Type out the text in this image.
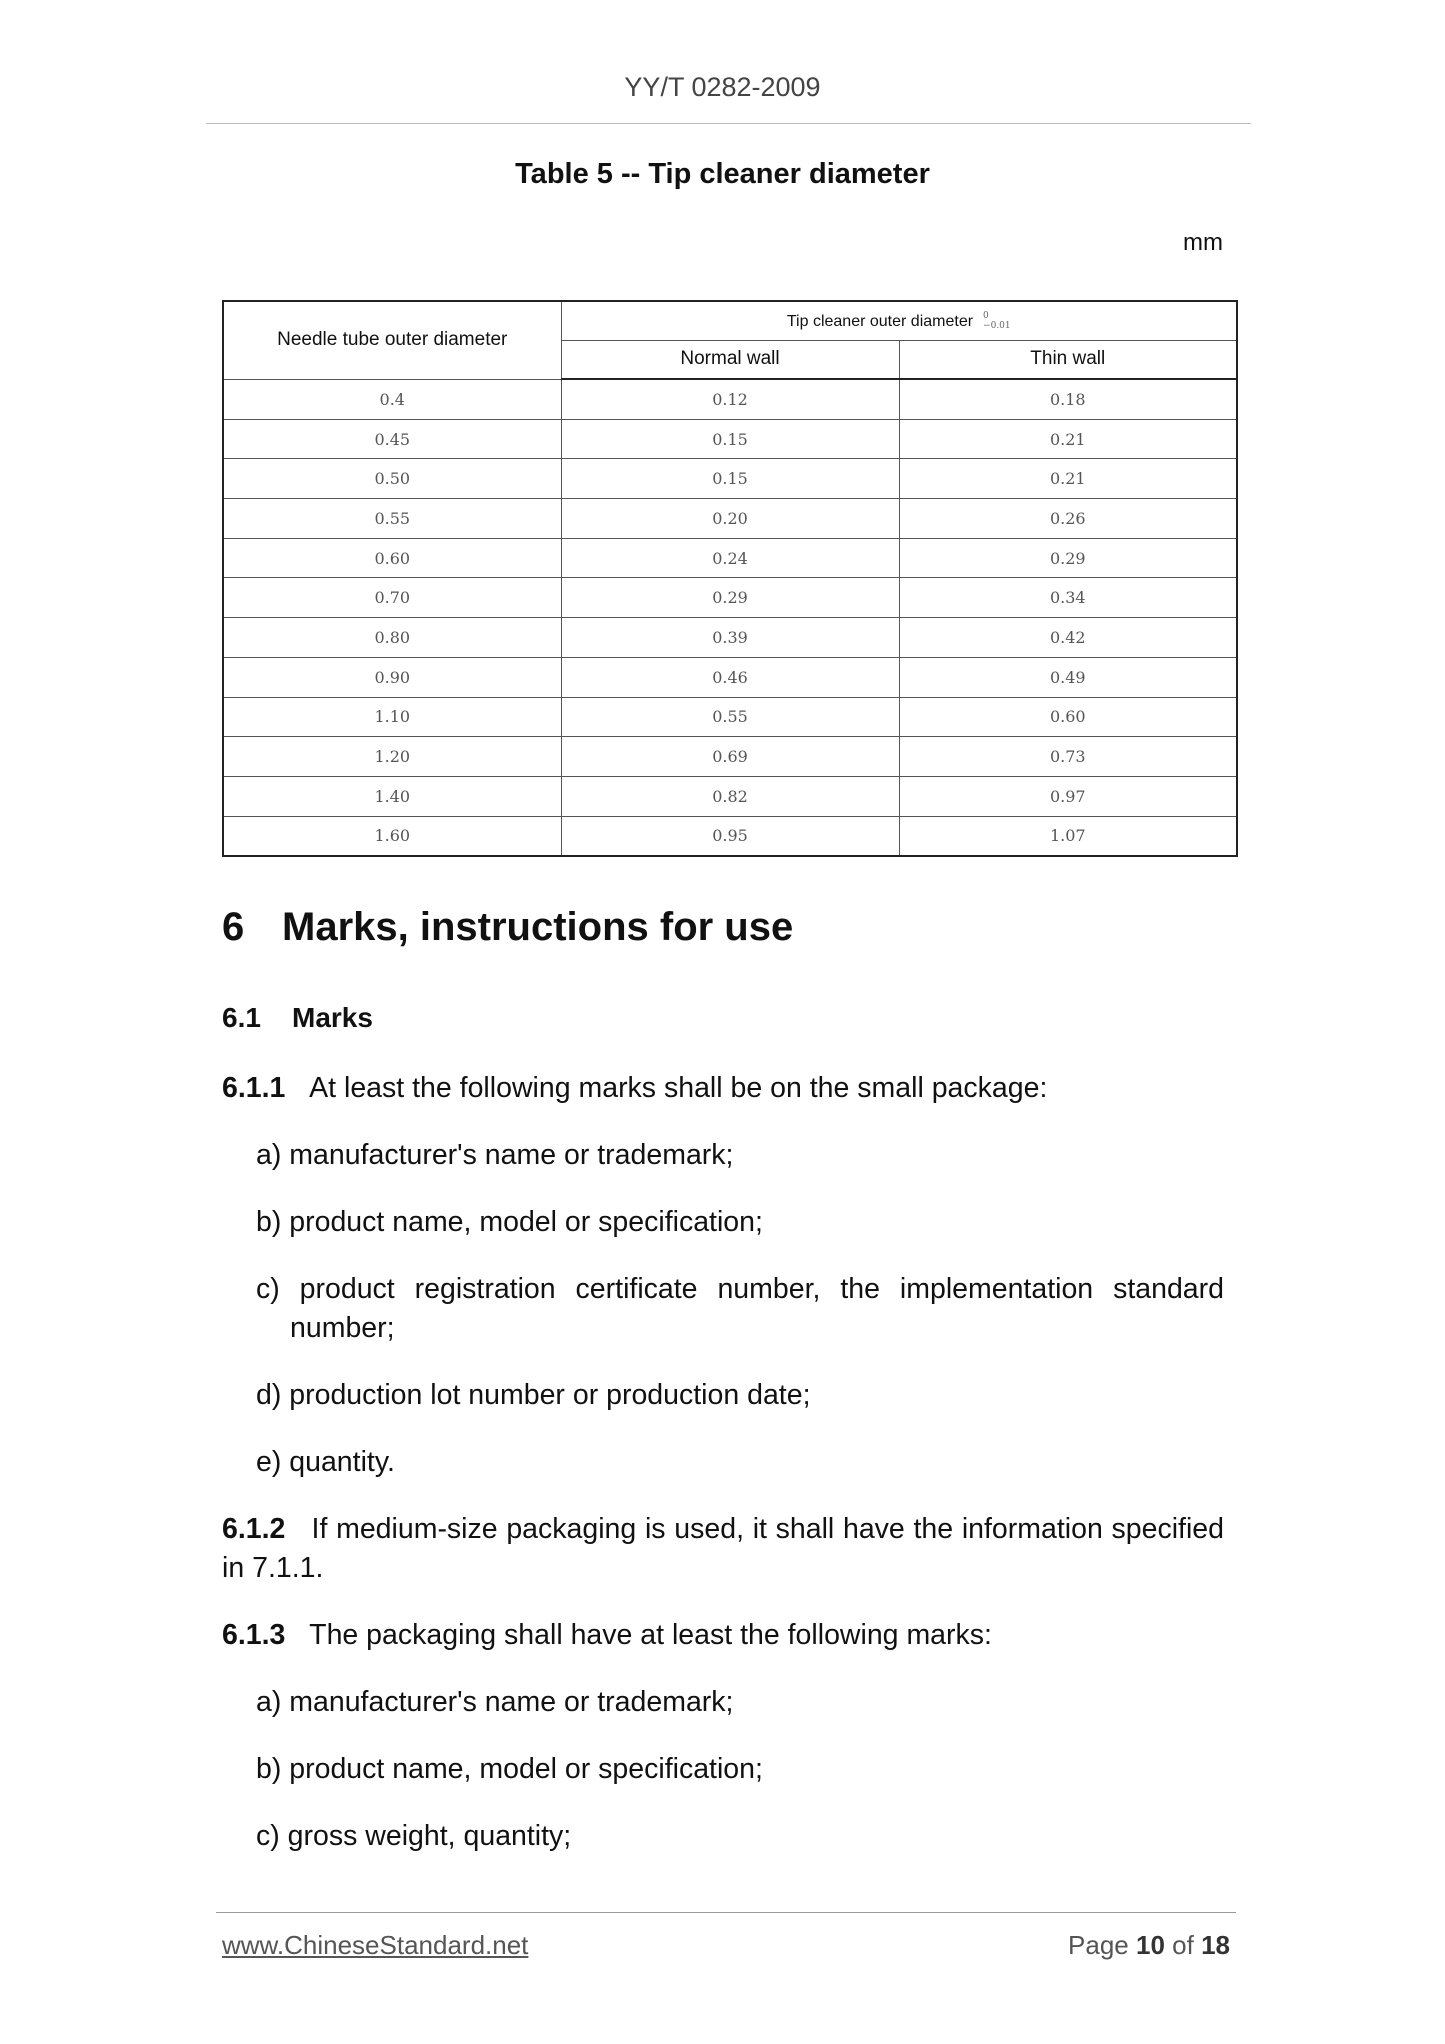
YY/T 0282-2009
Table 5 -- Tip cleaner diameter
mm
Needle tube outer diameter	Tip cleaner outer diameter 0
−0.01	
	Normal wall	Thin wall
0.4	0.12	0.18
0.45	0.15	0.21
0.50	0.15	0.21
0.55	0.20	0.26
0.60	0.24	0.29
0.70	0.29	0.34
0.80	0.39	0.42
0.90	0.46	0.49
1.10	0.55	0.60
1.20	0.69	0.73
1.40	0.82	0.97
1.60	0.95	1.07
6 Marks, instructions for use
6.1 Marks
6.1.1 At least the following marks shall be on the small package:
a) manufacturer's name or trademark;
b) product name, model or specification;
c) product registration certificate number, the implementation standard number;
d) production lot number or production date;
e) quantity.
6.1.2 If medium-size packaging is used, it shall have the information specified in 7.1.1.
6.1.3 The packaging shall have at least the following marks:
a) manufacturer's name or trademark;
b) product name, model or specification;
c) gross weight, quantity;
www.ChineseStandard.net	Page 10 of 18
